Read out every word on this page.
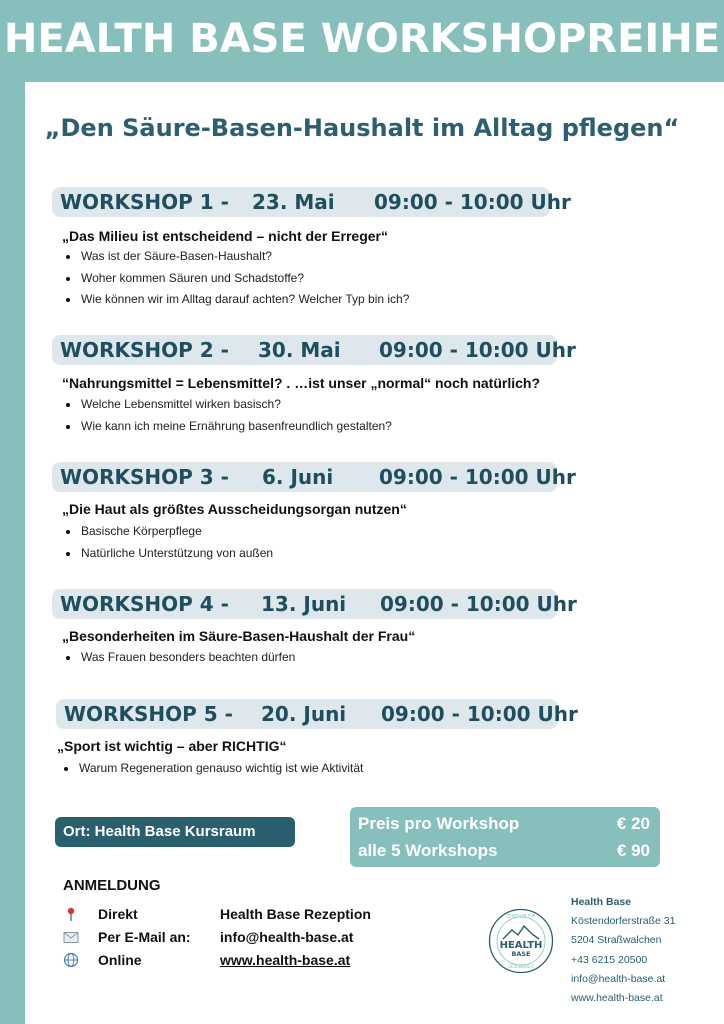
HEALTH BASE WORKSHOPREIHE
„Den Säure-Basen-Haushalt im Alltag pflegen“
WORKSHOP 1 - 23. Mai 09:00 - 10:00 Uhr
„Das Milieu ist entscheidend – nicht der Erreger“
Was ist der Säure-Basen-Haushalt?
Woher kommen Säuren und Schadstoffe?
Wie können wir im Alltag darauf achten? Welcher Typ bin ich?
WORKSHOP 2 - 30. Mai 09:00 - 10:00 Uhr
“Nahrungsmittel = Lebensmittel? . …ist unser „normal“ noch natürlich?
Welche Lebensmittel wirken basisch?
Wie kann ich meine Ernährung basenfreundlich gestalten?
WORKSHOP 3 - 6. Juni 09:00 - 10:00 Uhr
„Die Haut als größtes Ausscheidungsorgan nutzen“
Basische Körperpflege
Natürliche Unterstützung von außen
WORKSHOP 4 - 13. Juni 09:00 - 10:00 Uhr
„Besonderheiten im Säure-Basen-Haushalt der Frau“
Was Frauen besonders beachten dürfen
WORKSHOP 5 - 20. Juni 09:00 - 10:00 Uhr
„Sport ist wichtig – aber RICHTIG“
Warum Regeneration genauso wichtig ist wie Aktivität
Ort: Health Base Kursraum	Preis pro Workshop	€ 20
alle 5 Workshops	€ 90
ANMELDUNG
Direkt	Health Base Rezeption
Per E-Mail an: info@health-base.at
Online	www.health-base.at
HEALTH
BASE
ZENTRUM FÜR
GESUNDHEIT
Health Base
Köstendorferstraße 31
5204 Straßwalchen
+43 6215 20500
info@health-base.at
www.health-base.at
